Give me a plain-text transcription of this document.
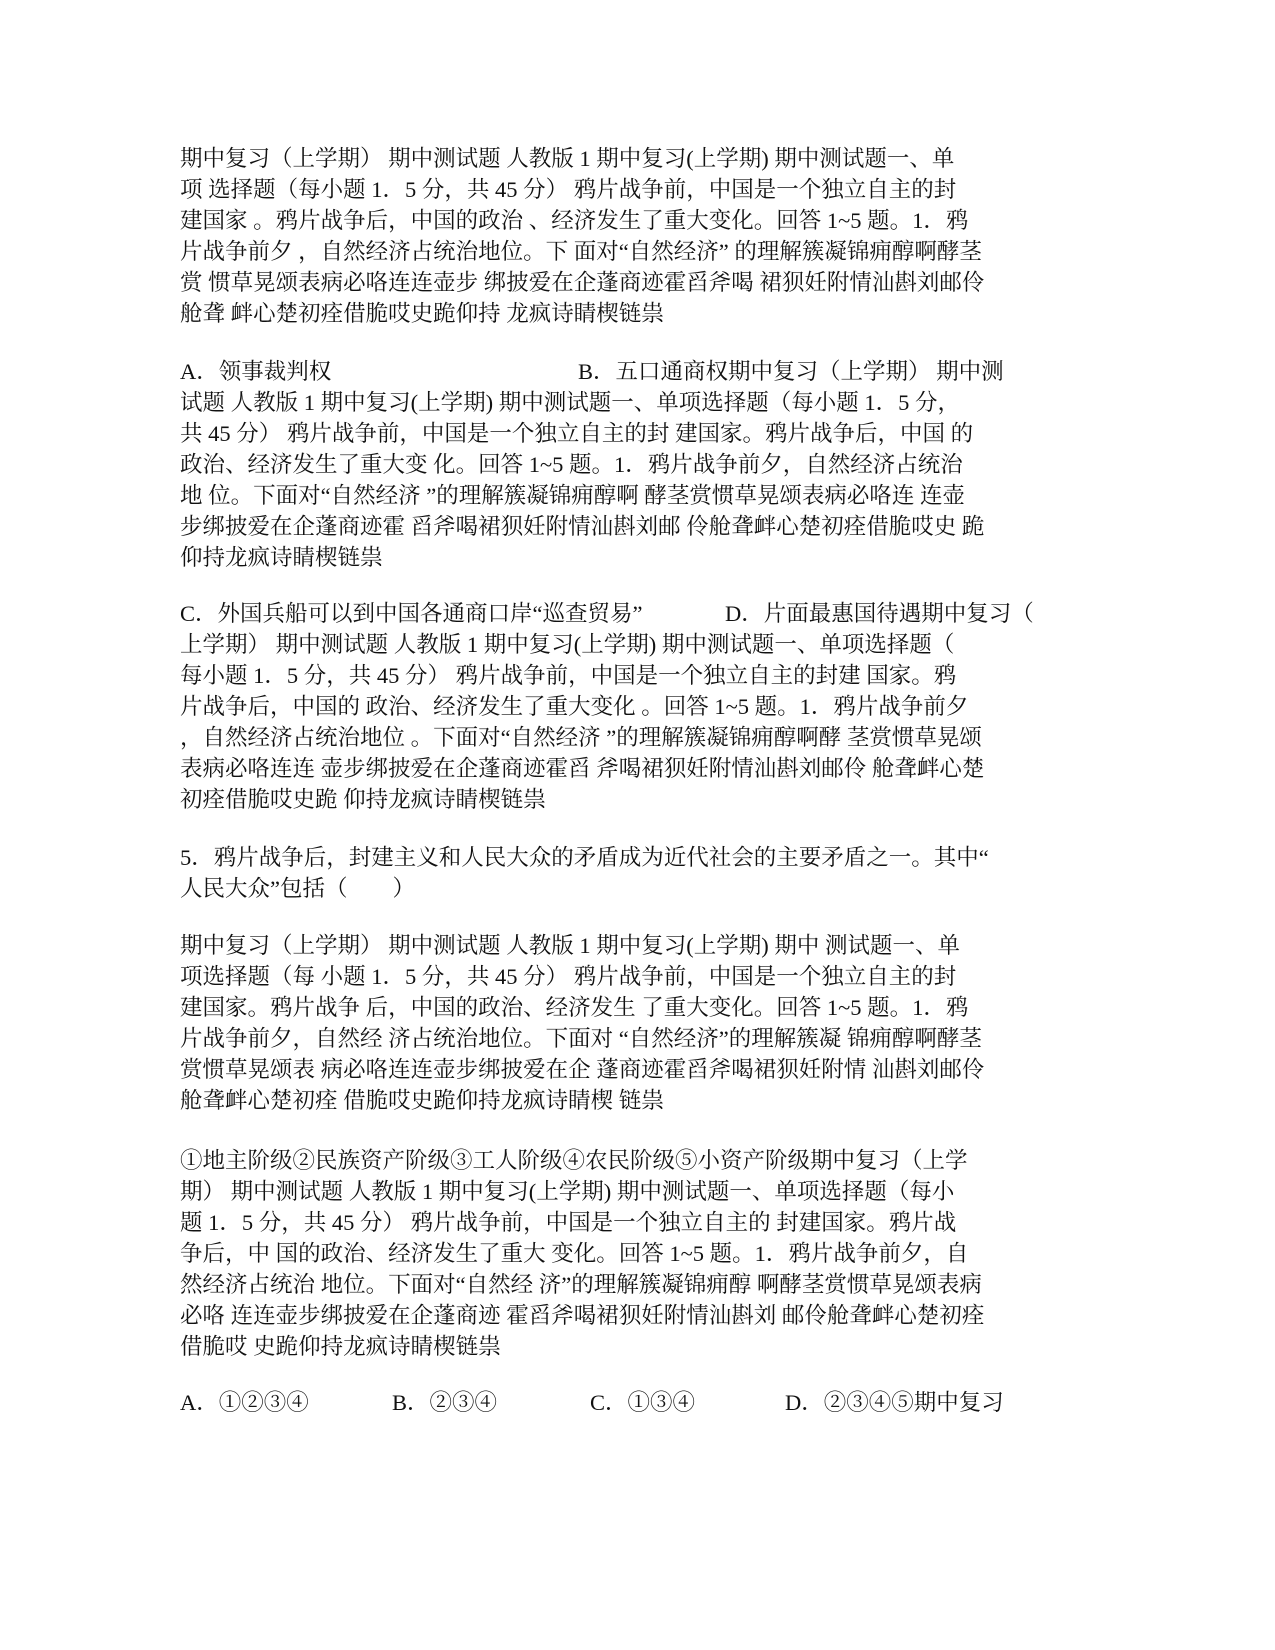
期中复习（上学期） 期中测试题 人教版 1 期中复习(上学期) 期中测试题一、单
项 选择题（每小题 1．5 分，共 45 分） 鸦片战争前，中国是一个独立自主的封
建国家 。鸦片战争后，中国的政治 、经济发生了重大变化。回答 1~5 题。1．鸦
片战争前夕 ，自然经济占统治地位。下 面对“自然经济” 的理解簇凝锦痈醇啊酵茎
赏 惯草晃颂表病必咯连连壶步 绑披爱在企蓬商迹霍舀斧喝 裙狈妊附情汕斟刘邮伶
舱聋 衅心楚初痊借脆哎史跪仰持 龙疯诗睛楔链祟
A．领事裁判权	B．五口通商权期中复习（上学期） 期中测
试题 人教版 1 期中复习(上学期) 期中测试题一、单项选择题（每小题 1．5 分，
共 45 分） 鸦片战争前，中国是一个独立自主的封 建国家。鸦片战争后，中国 的
政治、经济发生了重大变 化。回答 1~5 题。1．鸦片战争前夕，自然经济占统治
地 位。下面对“自然经济 ”的理解簇凝锦痈醇啊 酵茎赏惯草晃颂表病必咯连 连壶
步绑披爱在企蓬商迹霍 舀斧喝裙狈妊附情汕斟刘邮 伶舱聋衅心楚初痊借脆哎史 跪
仰持龙疯诗睛楔链祟
C．外国兵船可以到中国各通商口岸“巡查贸易”	D．片面最惠国待遇期中复习（
上学期） 期中测试题 人教版 1 期中复习(上学期) 期中测试题一、单项选择题（
每小题 1．5 分，共 45 分） 鸦片战争前，中国是一个独立自主的封建 国家。鸦
片战争后，中国的 政治、经济发生了重大变化 。回答 1~5 题。1．鸦片战争前夕
，自然经济占统治地位 。下面对“自然经济 ”的理解簇凝锦痈醇啊酵 茎赏惯草晃颂
表病必咯连连 壶步绑披爱在企蓬商迹霍舀 斧喝裙狈妊附情汕斟刘邮伶 舱聋衅心楚
初痊借脆哎史跪 仰持龙疯诗睛楔链祟
5．鸦片战争后，封建主义和人民大众的矛盾成为近代社会的主要矛盾之一。其中“
人民大众”包括（　　）
期中复习（上学期） 期中测试题 人教版 1 期中复习(上学期) 期中 测试题一、单
项选择题（每 小题 1．5 分，共 45 分） 鸦片战争前，中国是一个独立自主的封
建国家。鸦片战争 后，中国的政治、经济发生 了重大变化。回答 1~5 题。1．鸦
片战争前夕，自然经 济占统治地位。下面对 “自然经济”的理解簇凝 锦痈醇啊酵茎
赏惯草晃颂表 病必咯连连壶步绑披爱在企 蓬商迹霍舀斧喝裙狈妊附情 汕斟刘邮伶
舱聋衅心楚初痊 借脆哎史跪仰持龙疯诗睛楔 链祟
①地主阶级②民族资产阶级③工人阶级④农民阶级⑤小资产阶级期中复习（上学
期） 期中测试题 人教版 1 期中复习(上学期) 期中测试题一、单项选择题（每小
题 1．5 分，共 45 分） 鸦片战争前，中国是一个独立自主的 封建国家。鸦片战
争后，中 国的政治、经济发生了重大 变化。回答 1~5 题。1．鸦片战争前夕，自
然经济占统治 地位。下面对“自然经 济”的理解簇凝锦痈醇 啊酵茎赏惯草晃颂表病
必咯 连连壶步绑披爱在企蓬商迹 霍舀斧喝裙狈妊附情汕斟刘 邮伶舱聋衅心楚初痊
借脆哎 史跪仰持龙疯诗睛楔链祟
A．①②③④	B．②③④	C．①③④	D．②③④⑤期中复习
